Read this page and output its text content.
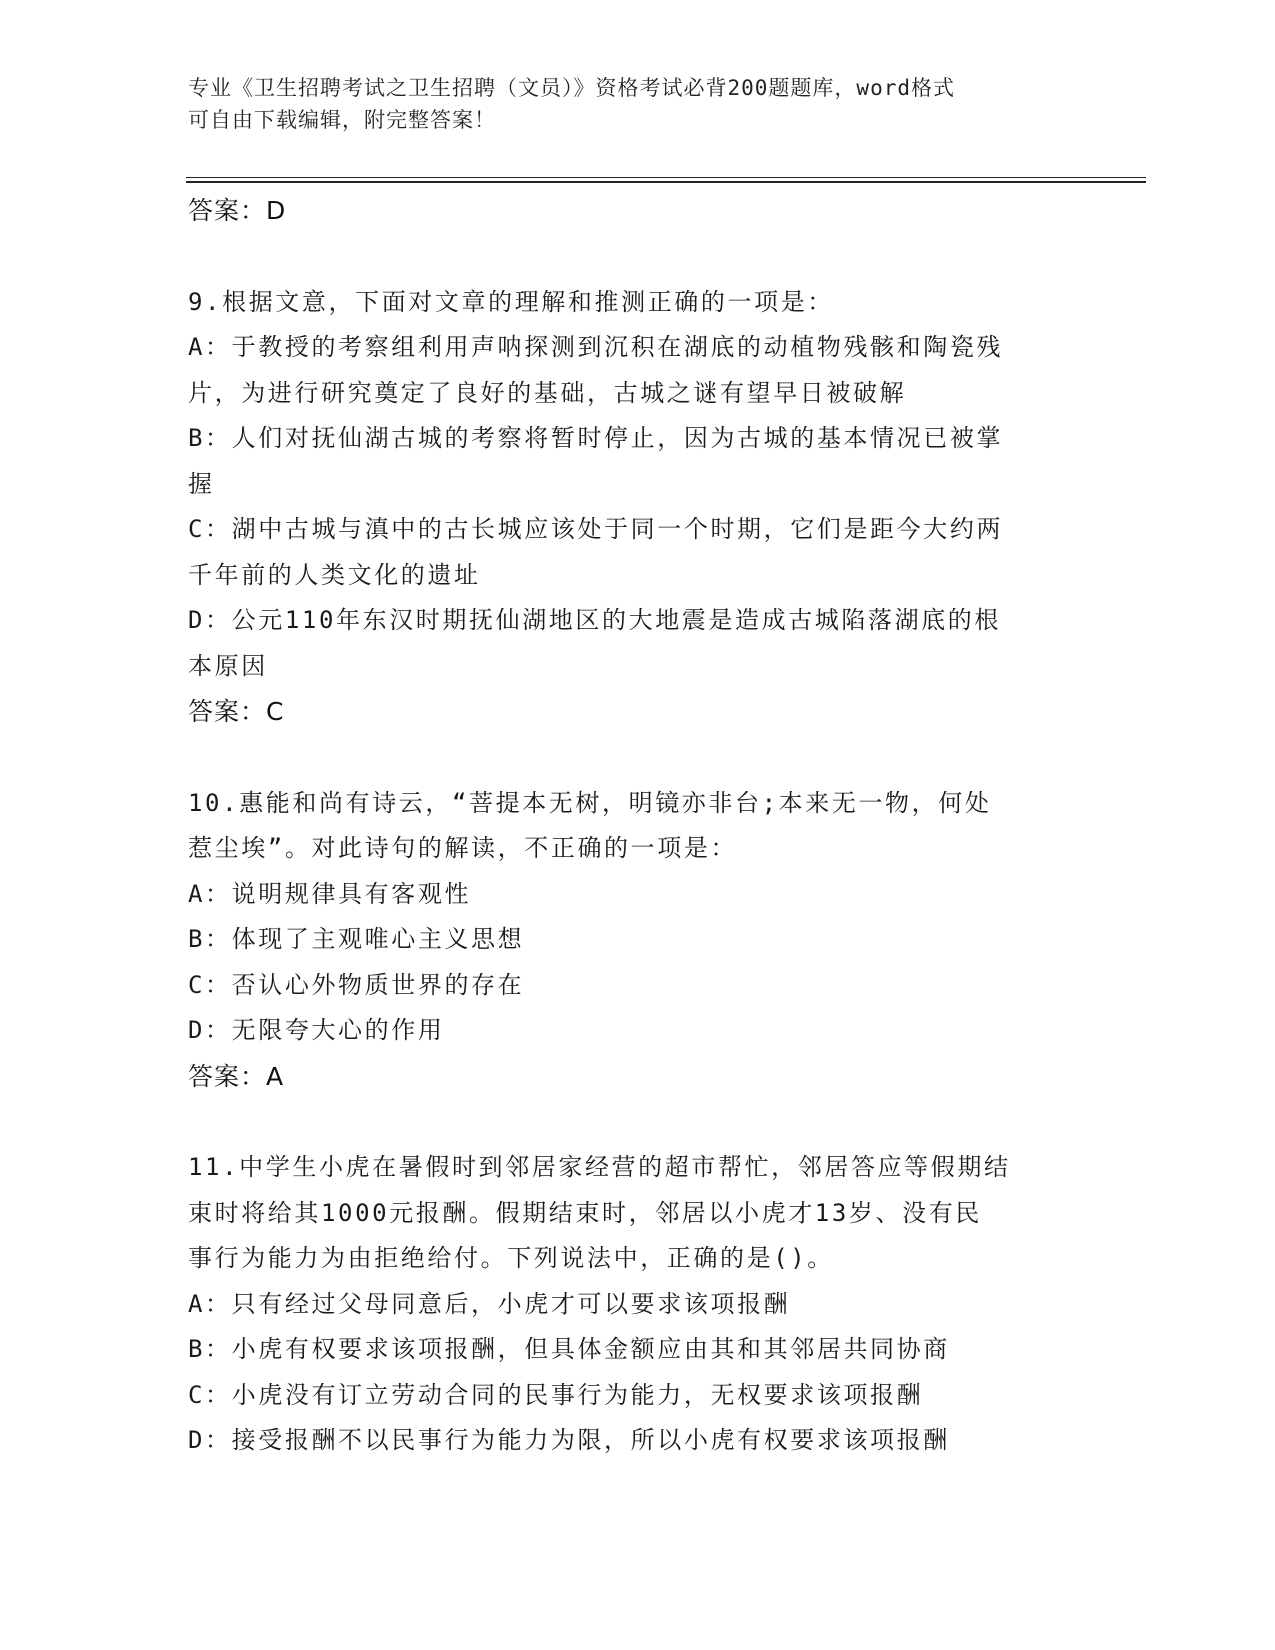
专业《卫生招聘考试之卫生招聘（文员）》资格考试必背200题题库，word格式
可自由下载编辑，附完整答案！
答案：D
9.根据文意，下面对文章的理解和推测正确的一项是：
A：于教授的考察组利用声呐探测到沉积在湖底的动植物残骸和陶瓷残
片，为进行研究奠定了良好的基础，古城之谜有望早日被破解
B：人们对抚仙湖古城的考察将暂时停止，因为古城的基本情况已被掌
握
C：湖中古城与滇中的古长城应该处于同一个时期，它们是距今大约两
千年前的人类文化的遗址
D：公元110年东汉时期抚仙湖地区的大地震是造成古城陷落湖底的根
本原因
答案：C
10.惠能和尚有诗云，“菩提本无树，明镜亦非台;本来无一物，何处
惹尘埃”。对此诗句的解读，不正确的一项是：
A：说明规律具有客观性
B：体现了主观唯心主义思想
C：否认心外物质世界的存在
D：无限夸大心的作用
答案：A
11.中学生小虎在暑假时到邻居家经营的超市帮忙，邻居答应等假期结
束时将给其1000元报酬。假期结束时，邻居以小虎才13岁、没有民
事行为能力为由拒绝给付。下列说法中，正确的是()。
A：只有经过父母同意后，小虎才可以要求该项报酬
B：小虎有权要求该项报酬，但具体金额应由其和其邻居共同协商
C：小虎没有订立劳动合同的民事行为能力，无权要求该项报酬
D：接受报酬不以民事行为能力为限，所以小虎有权要求该项报酬
